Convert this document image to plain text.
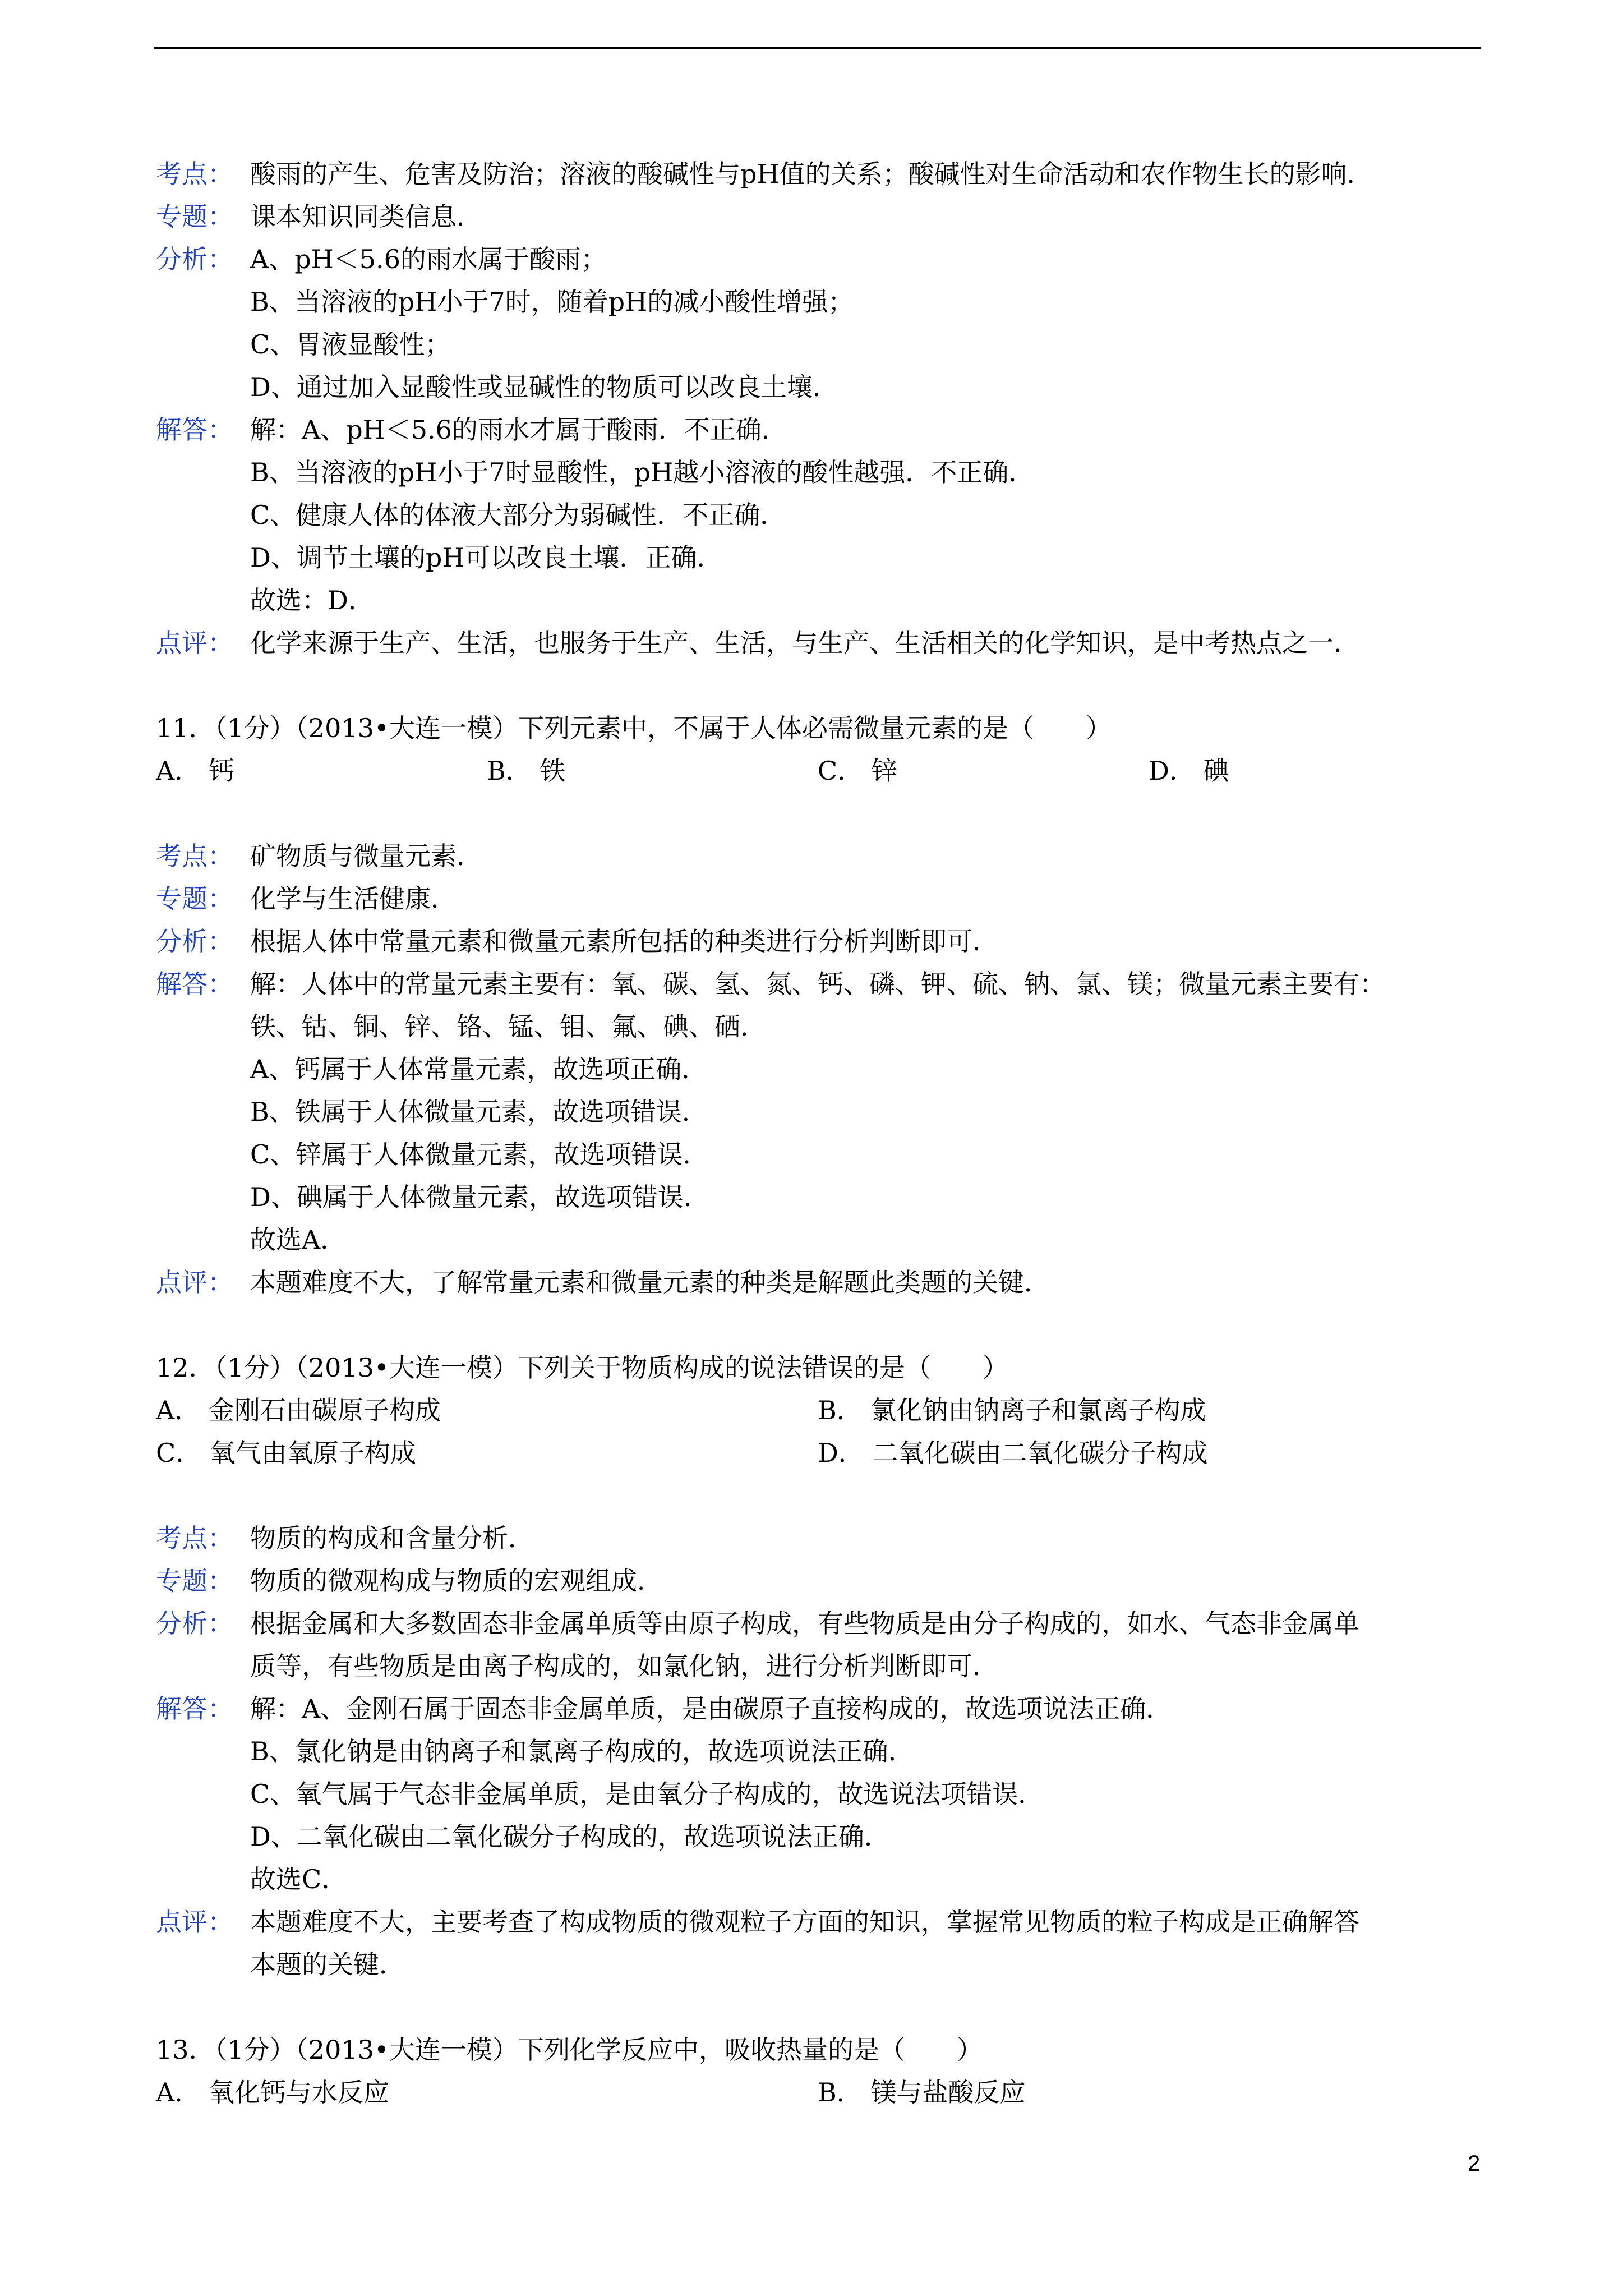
考点： 酸雨的产生、危害及防治；溶液的酸碱性与pH值的关系；酸碱性对生命活动和农作物生长的影响．
专题： 课本知识同类信息．
分析： A、pH＜5.6的雨水属于酸雨；
B、当溶液的pH小于7时，随着pH的减小酸性增强；
C、胃液显酸性；
D、通过加入显酸性或显碱性的物质可以改良土壤．
解答： 解：A、pH＜5.6的雨水才属于酸雨．不正确．
B、当溶液的pH小于7时显酸性，pH越小溶液的酸性越强．不正确．
C、健康人体的体液大部分为弱碱性．不正确．
D、调节土壤的pH可以改良土壤．正确．
故选：D．
点评： 化学来源于生产、生活，也服务于生产、生活，与生产、生活相关的化学知识，是中考热点之一．
11．（1分）（2013•大连一模）下列元素中，不属于人体必需微量元素的是（　　）
A． 钙	B． 铁	C． 锌	D． 碘
考点： 矿物质与微量元素．
专题： 化学与生活健康．
分析： 根据人体中常量元素和微量元素所包括的种类进行分析判断即可．
解答： 解：人体中的常量元素主要有：氧、碳、氢、氮、钙、磷、钾、硫、钠、氯、镁；微量元素主要有：
铁、钴、铜、锌、铬、锰、钼、氟、碘、硒．
A、钙属于人体常量元素，故选项正确．
B、铁属于人体微量元素，故选项错误．
C、锌属于人体微量元素，故选项错误．
D、碘属于人体微量元素，故选项错误．
故选A．
点评： 本题难度不大，了解常量元素和微量元素的种类是解题此类题的关键．
12．（1分）（2013•大连一模）下列关于物质构成的说法错误的是（　　）
A． 金刚石由碳原子构成	B． 氯化钠由钠离子和氯离子构成
C． 氧气由氧原子构成	D． 二氧化碳由二氧化碳分子构成
考点： 物质的构成和含量分析．
专题： 物质的微观构成与物质的宏观组成．
分析： 根据金属和大多数固态非金属单质等由原子构成，有些物质是由分子构成的，如水、气态非金属单
质等，有些物质是由离子构成的，如氯化钠，进行分析判断即可．
解答： 解：A、金刚石属于固态非金属单质，是由碳原子直接构成的，故选项说法正确．
B、氯化钠是由钠离子和氯离子构成的，故选项说法正确．
C、氧气属于气态非金属单质，是由氧分子构成的，故选说法项错误．
D、二氧化碳由二氧化碳分子构成的，故选项说法正确．
故选C．
点评： 本题难度不大，主要考查了构成物质的微观粒子方面的知识，掌握常见物质的粒子构成是正确解答
本题的关键．
13．（1分）（2013•大连一模）下列化学反应中，吸收热量的是（　　）
A． 氧化钙与水反应	B． 镁与盐酸反应
2
